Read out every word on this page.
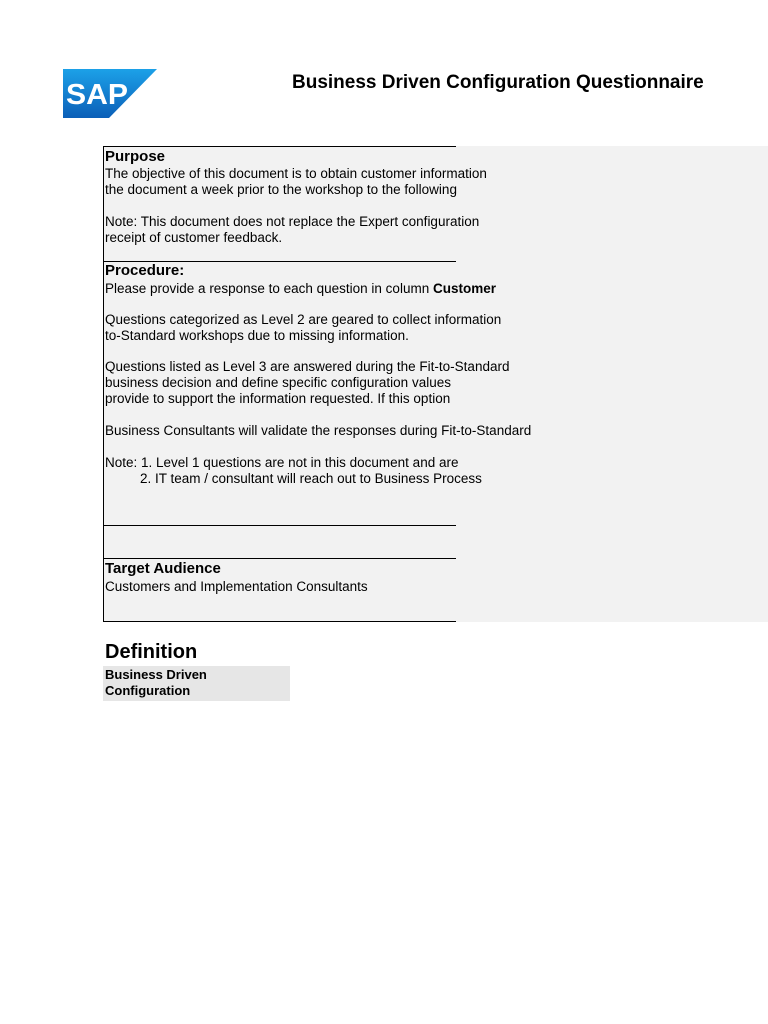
SAP	Business Driven Configuration Questionnaire
Purpose
The objective of this document is to obtain customer information
the document a week prior to the workshop to the following
Note: This document does not replace the Expert configuration
receipt of customer feedback.
Procedure:
Please provide a response to each question in column Customer
Questions categorized as Level 2 are geared to collect information
to-Standard workshops due to missing information.
Questions listed as Level 3 are answered during the Fit-to-Standard
business decision and define specific configuration values
provide to support the information requested. If this option
Business Consultants will validate the responses during Fit-to-Standard
Note: 1. Level 1 questions are not in this document and are
2. IT team / consultant will reach out to Business Process
Target Audience
Customers and Implementation Consultants
Definition
Business Driven Configuration
